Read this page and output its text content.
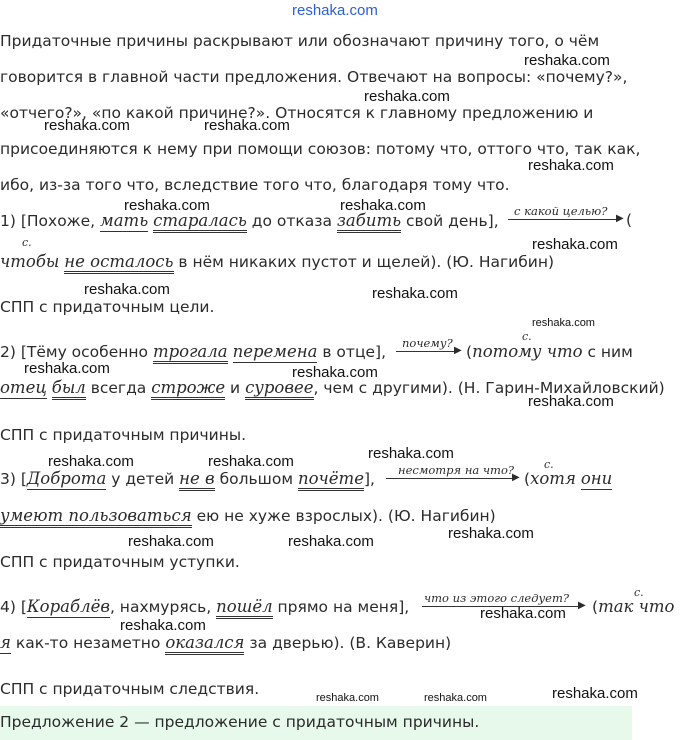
reshaka.com
reshaka.com
reshaka.com
reshaka.com	reshaka.com
reshaka.com
reshaka.com	reshaka.com
reshaka.com
reshaka.com	reshaka.com
reshaka.com
reshaka.com	reshaka.com
reshaka.com
reshaka.com
reshaka.com	reshaka.com
reshaka.com
reshaka.com	reshaka.com
reshaka.com
reshaka.com
reshaka.com
reshaka.com	reshaka.com
Придаточные причины раскрывают или обозначают причину того, о чём
говорится в главной части предложения. Отвечают на вопросы: «почему?»,
«отчего?», «по какой причине?». Относятся к главному предложению и
присоединяются к нему при помощи союзов: потому что, оттого что, так как,
ибо, из-за того что, вследствие того что, благодаря тому что.
1) [Похоже, мать старалась до отказа забить свой день],
с какой целью?
▶ (
с.
чтобы не осталось в нём никаких пустот и щелей). (Ю. Нагибин)
СПП с придаточным цели.
2) [Тёму особенно трогала перемена в отце], почему?
▶
с.
(потому что с ним
отец был всегда строже и суровее, чем с другими). (Н. Гарин-Михайловский)
СПП с придаточным причины.
3) [Доброта у детей не в большом почёте], несмотря на что?
▶
с.
(хотя они
умеют пользоваться ею не хуже взрослых). (Ю. Нагибин)
СПП с придаточным уступки.
4) [Кораблёв, нахмурясь, пошёл прямо на меня], что из этого следует?
▶
с.
(так что
я как-то незаметно оказался за дверью). (В. Каверин)
СПП с придаточным следствия.
Предложение 2 — предложение с придаточным причины.
